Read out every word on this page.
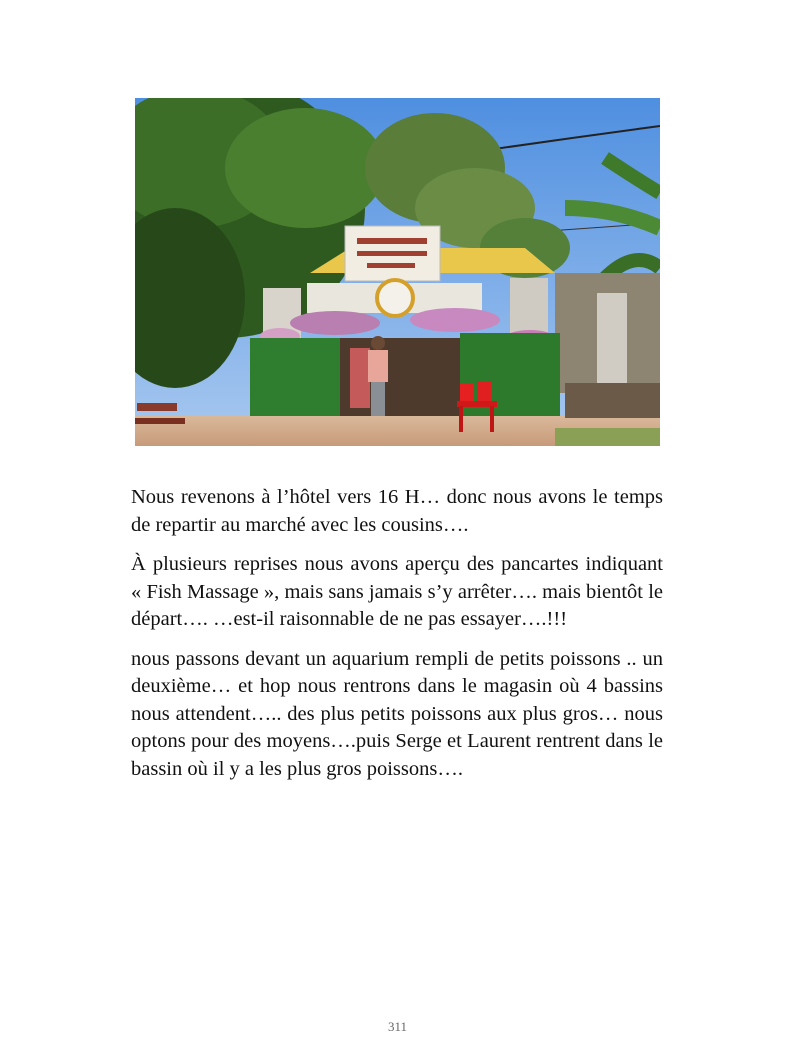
Nous revenons à l’hôtel vers 16 H… donc nous avons le temps de repartir au marché avec les cousins….

À plusieurs reprises nous avons aperçu des pancartes indiquant « Fish Massage », mais sans jamais s’y arrêter…. mais bientôt le départ…. …est-il raisonnable de ne pas essayer….!!!

nous passons devant un aquarium rempli de petits poissons .. un deuxième… et hop nous rentrons dans le magasin où 4 bassins nous attendent….. des plus petits poissons aux plus gros… nous optons pour des moyens….puis Serge et Laurent rentrent dans le bassin où il y a les plus gros poissons….

311
